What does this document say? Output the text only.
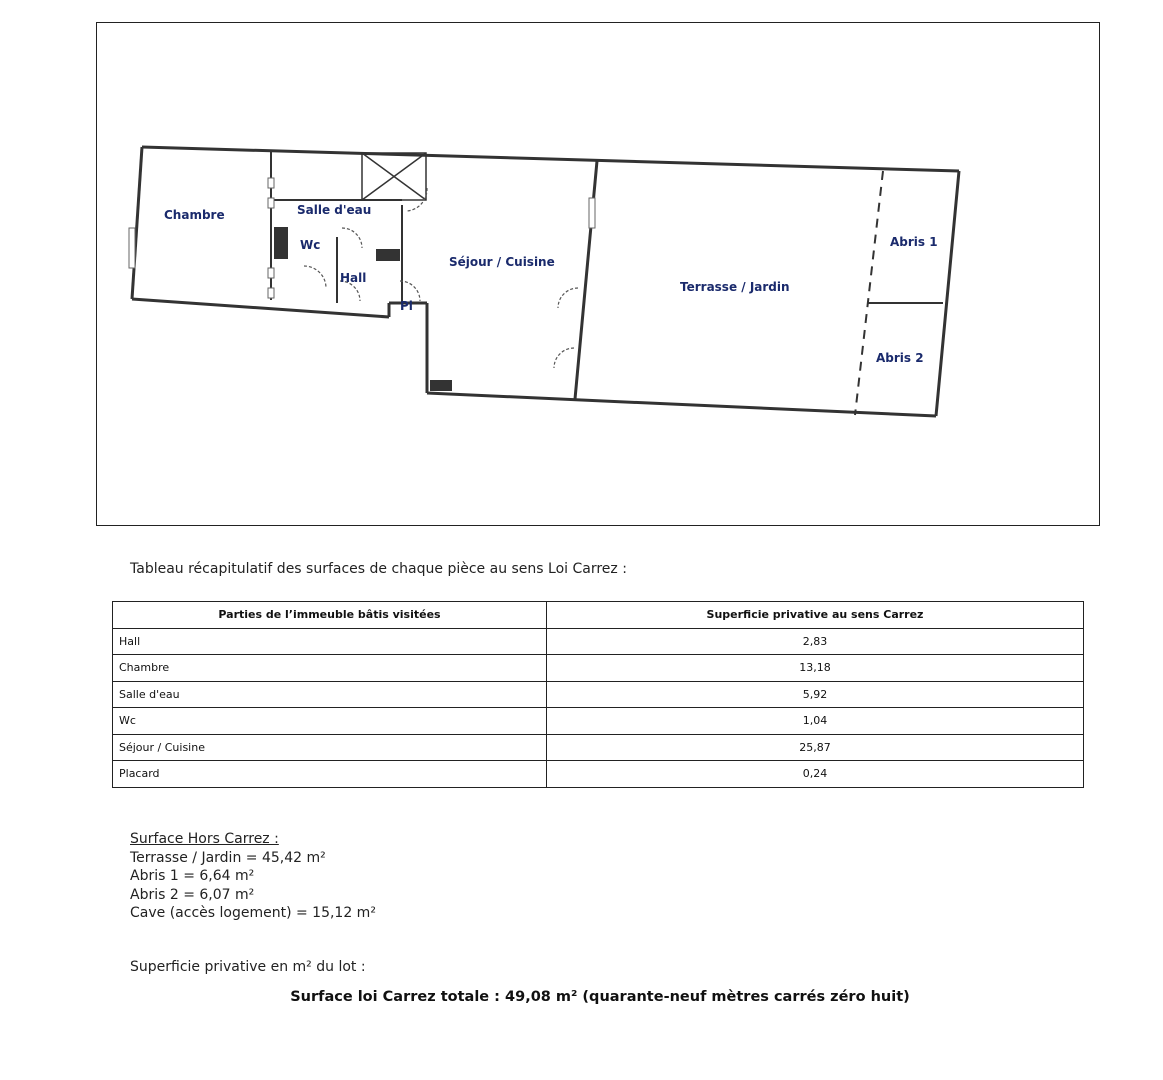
Chambre	Salle d'eau
Wc
Hall
Pl
Séjour / Cuisine
Terrasse / Jardin
Abris 1
Abris 2
Tableau récapitulatif des surfaces de chaque pièce au sens Loi Carrez :
Parties de l’immeuble bâtis visitées	Superficie privative au sens Carrez
Hall	2,83
Chambre	13,18
Salle d'eau	5,92
Wc	1,04
Séjour / Cuisine	25,87
Placard	0,24
Surface Hors Carrez :
Terrasse / Jardin = 45,42 m²
Abris 1 = 6,64 m²
Abris 2 = 6,07 m²
Cave (accès logement) = 15,12 m²
Superficie privative en m² du lot :
Surface loi Carrez totale : 49,08 m² (quarante-neuf mètres carrés zéro huit)
